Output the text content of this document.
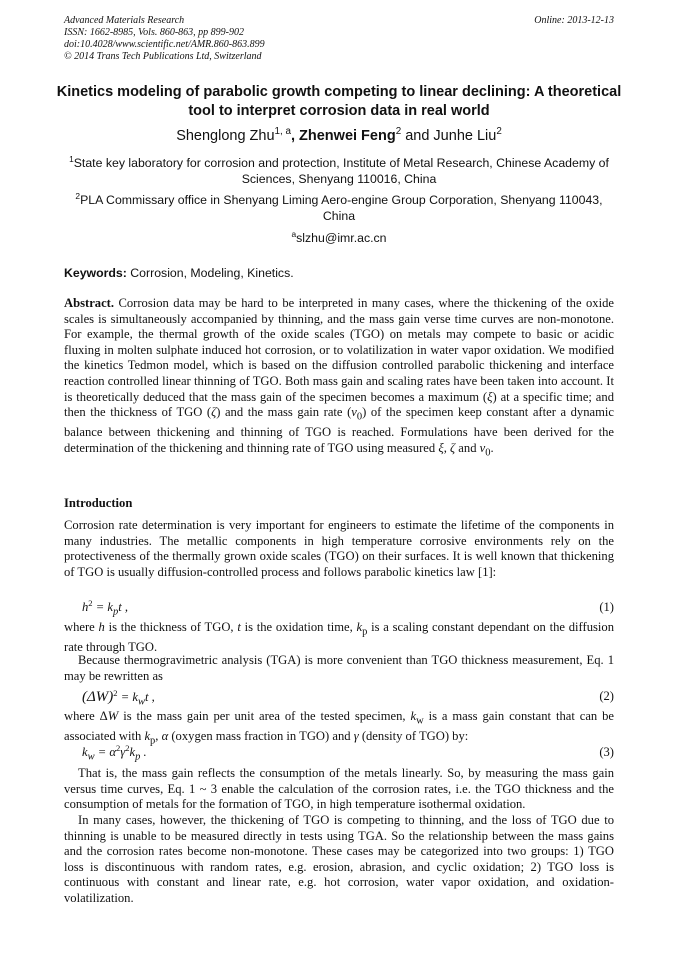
Advanced Materials Research
ISSN: 1662-8985, Vols. 860-863, pp 899-902
doi:10.4028/www.scientific.net/AMR.860-863.899
© 2014 Trans Tech Publications Ltd, Switzerland
Online: 2013-12-13
Kinetics modeling of parabolic growth competing to linear declining: A theoretical tool to interpret corrosion data in real world
Shenglong Zhu$^{1, a}$, Zhenwei Feng$^2$ and Junhe Liu$^2$
$^1$State key laboratory for corrosion and protection, Institute of Metal Research, Chinese Academy of Sciences, Shenyang 110016, China
$^2$PLA Commissary office in Shenyang Liming Aero-engine Group Corporation, Shenyang 110043, China
$^a$slzhu@imr.ac.cn
Keywords: Corrosion, Modeling, Kinetics.
Abstract. Corrosion data may be hard to be interpreted in many cases, where the thickening of the oxide scales is simultaneously accompanied by thinning, and the mass gain verse time curves are non-monotone. For example, the thermal growth of the oxide scales (TGO) on metals may compete to basic or acidic fluxing in molten sulphate induced hot corrosion, or to volatilization in water vapor oxidation. We modified the kinetics Tedmon model, which is based on the diffusion controlled parabolic thickening and interface reaction controlled linear thinning of TGO. Both mass gain and scaling rates have been taken into account. It is theoretically deduced that the mass gain of the specimen becomes a maximum (ξ) at a specific time; and then the thickness of TGO (ζ) and the mass gain rate $(v_0)$ of the specimen keep constant after a dynamic balance between thickening and thinning of TGO is reached. Formulations have been derived for the determination of the thickening and thinning rate of TGO using measured ξ, ζ and $v_0$.
Introduction
Corrosion rate determination is very important for engineers to estimate the lifetime of the components in many industries. The metallic components in high temperature corrosive environments rely on the protectiveness of the thermally grown oxide scales (TGO) on their surfaces. It is well known that thickening of TGO is usually diffusion-controlled process and follows parabolic kinetics law [1]:
$h^2 = k_pt$ ,	(1)
where h is the thickness of TGO, t is the oxidation time, $k_p$ is a scaling constant dependant on the diffusion rate through TGO.
Because thermogravimetric analysis (TGA) is more convenient than TGO thickness measurement, Eq. 1 may be rewritten as
$(\Delta W)^2 = k_wt$ ,	(2)
where ΔW is the mass gain per unit area of the tested specimen, $k_w$ is a mass gain constant that can be associated with $k_p$, α (oxygen mass fraction in TGO) and γ (density of TGO) by:
$k_w = \alpha^2\gamma^2k_p$ .	(3)
That is, the mass gain reflects the consumption of the metals linearly. So, by measuring the mass gain versus time curves, Eq. 1 ~ 3 enable the calculation of the corrosion rates, i.e. the TGO thickness and the consumption of metals for the formation of TGO, in high temperature isothermal oxidation.
In many cases, however, the thickening of TGO is competing to thinning, and the loss of TGO due to thinning is unable to be measured directly in tests using TGA. So the relationship between the mass gains and the corrosion rates become non-monotone. These cases may be categorized into two groups: 1) TGO loss is discontinuous with random rates, e.g. erosion, abrasion, and cyclic oxidation; 2) TGO loss is continuous with constant and linear rate, e.g. hot corrosion, water vapor oxidation, and oxidation-volatilization.
